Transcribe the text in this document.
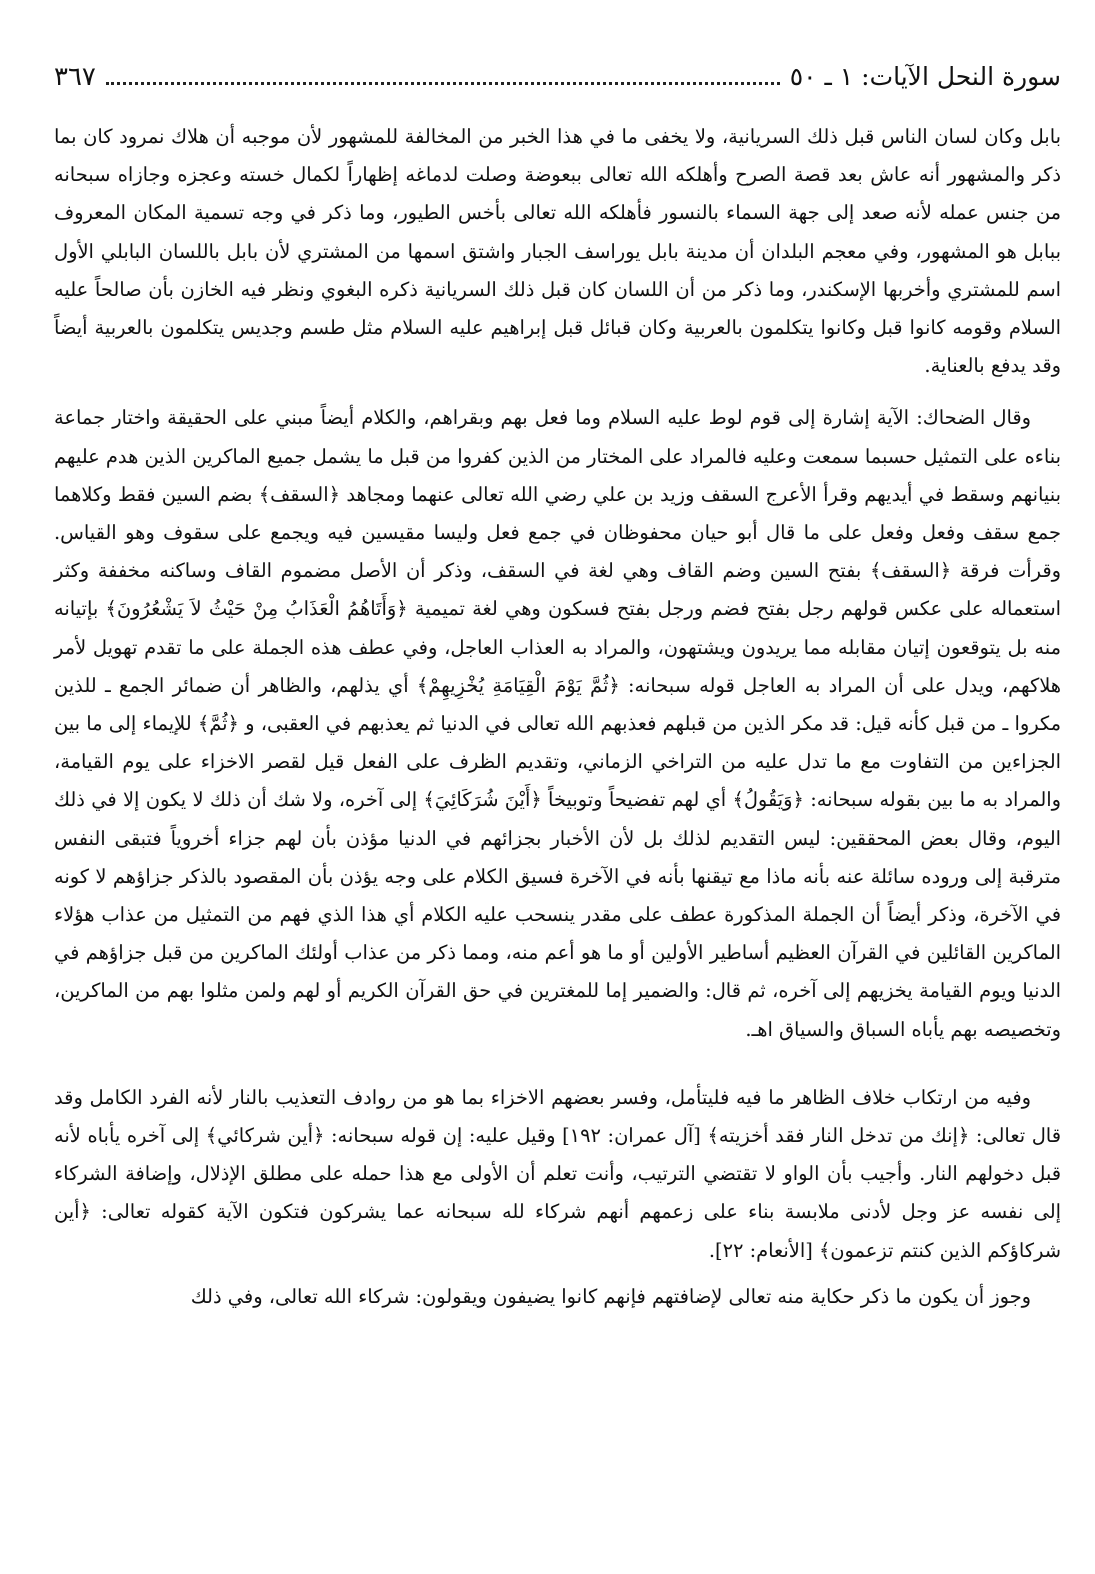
سورة النحل الآيات: ١ ـ ٥٠
٣٦٧

بابل وكان لسان الناس قبل ذلك السريانية، ولا يخفى ما في هذا الخبر من المخالفة للمشهور لأن موجبه أن هلاك نمرود كان بما ذكر والمشهور أنه عاش بعد قصة الصرح وأهلكه الله تعالى ببعوضة وصلت لدماغه إظهاراً لكمال خسته وعجزه وجازاه سبحانه من جنس عمله لأنه صعد إلى جهة السماء بالنسور فأهلكه الله تعالى بأخس الطيور، وما ذكر في وجه تسمية المكان المعروف ببابل هو المشهور، وفي معجم البلدان أن مدينة بابل يوراسف الجبار واشتق اسمها من المشتري لأن بابل باللسان البابلي الأول اسم للمشتري وأخربها الإسكندر، وما ذكر من أن اللسان كان قبل ذلك السريانية ذكره البغوي ونظر فيه الخازن بأن صالحاً عليه السلام وقومه كانوا قبل وكانوا يتكلمون بالعربية وكان قبائل قبل إبراهيم عليه السلام مثل طسم وجديس يتكلمون بالعربية أيضاً وقد يدفع بالعناية.

وقال الضحاك: الآية إشارة إلى قوم لوط عليه السلام وما فعل بهم وبقراهم، والكلام أيضاً مبني على الحقيقة واختار جماعة بناءه على التمثيل حسبما سمعت وعليه فالمراد على المختار من الذين كفروا من قبل ما يشمل جميع الماكرين الذين هدم عليهم بنيانهم وسقط في أيديهم وقرأ الأعرج السقف وزيد بن علي رضي الله تعالى عنهما ومجاهد ﴿السقف﴾ بضم السين فقط وكلاهما جمع سقف وفعل وفعل على ما قال أبو حيان محفوظان في جمع فعل وليسا مقيسين فيه ويجمع على سقوف وهو القياس. وقرأت فرقة ﴿السقف﴾ بفتح السين وضم القاف وهي لغة في السقف، وذكر أن الأصل مضموم القاف وساكنه مخففة وكثر استعماله على عكس قولهم رجل بفتح فضم ورجل بفتح فسكون وهي لغة تميمية ﴿وَأَتَاهُمُ الْعَذَابُ مِنْ حَيْثُ لاَ يَشْعُرُونَ﴾ بإتيانه منه بل يتوقعون إتيان مقابله مما يريدون ويشتهون، والمراد به العذاب العاجل، وفي عطف هذه الجملة على ما تقدم تهويل لأمر هلاكهم، ويدل على أن المراد به العاجل قوله سبحانه: ﴿ثُمَّ يَوْمَ الْقِيَامَةِ يُخْزِيهِمْ﴾ أي يذلهم، والظاهر أن ضمائر الجمع ـ للذين مكروا ـ من قبل كأنه قيل: قد مكر الذين من قبلهم فعذبهم الله تعالى في الدنيا ثم يعذبهم في العقبى، و ﴿ثُمَّ﴾ للإيماء إلى ما بين الجزاءين من التفاوت مع ما تدل عليه من التراخي الزماني، وتقديم الظرف على الفعل قيل لقصر الاخزاء على يوم القيامة، والمراد به ما بين بقوله سبحانه: ﴿وَيَقُولُ﴾ أي لهم تفضيحاً وتوبيخاً ﴿أَيْنَ شُرَكَائِيَ﴾ إلى آخره، ولا شك أن ذلك لا يكون إلا في ذلك اليوم، وقال بعض المحققين: ليس التقديم لذلك بل لأن الأخبار بجزائهم في الدنيا مؤذن بأن لهم جزاء أخروياً فتبقى النفس مترقبة إلى وروده سائلة عنه بأنه ماذا مع تيقنها بأنه في الآخرة فسيق الكلام على وجه يؤذن بأن المقصود بالذكر جزاؤهم لا كونه في الآخرة، وذكر أيضاً أن الجملة المذكورة عطف على مقدر ينسحب عليه الكلام أي هذا الذي فهم من التمثيل من عذاب هؤلاء الماكرين القائلين في القرآن العظيم أساطير الأولين أو ما هو أعم منه، ومما ذكر من عذاب أولئك الماكرين من قبل جزاؤهم في الدنيا ويوم القيامة يخزيهم إلى آخره، ثم قال: والضمير إما للمغترين في حق القرآن الكريم أو لهم ولمن مثلوا بهم من الماكرين، وتخصيصه بهم يأباه السباق والسياق اهـ.

وفيه من ارتكاب خلاف الظاهر ما فيه فليتأمل، وفسر بعضهم الاخزاء بما هو من روادف التعذيب بالنار لأنه الفرد الكامل وقد قال تعالى: ﴿إنك من تدخل النار فقد أخزيته﴾ [آل عمران: ١٩٢] وقيل عليه: إن قوله سبحانه: ﴿أين شركائي﴾ إلى آخره يأباه لأنه قبل دخولهم النار. وأجيب بأن الواو لا تقتضي الترتيب، وأنت تعلم أن الأولى مع هذا حمله على مطلق الإذلال، وإضافة الشركاء إلى نفسه عز وجل لأدنى ملابسة بناء على زعمهم أنهم شركاء لله سبحانه عما يشركون فتكون الآية كقوله تعالى: ﴿أين شركاؤكم الذين كنتم تزعمون﴾ [الأنعام: ٢٢].

وجوز أن يكون ما ذكر حكاية منه تعالى لإضافتهم فإنهم كانوا يضيفون ويقولون: شركاء الله تعالى، وفي ذلك
